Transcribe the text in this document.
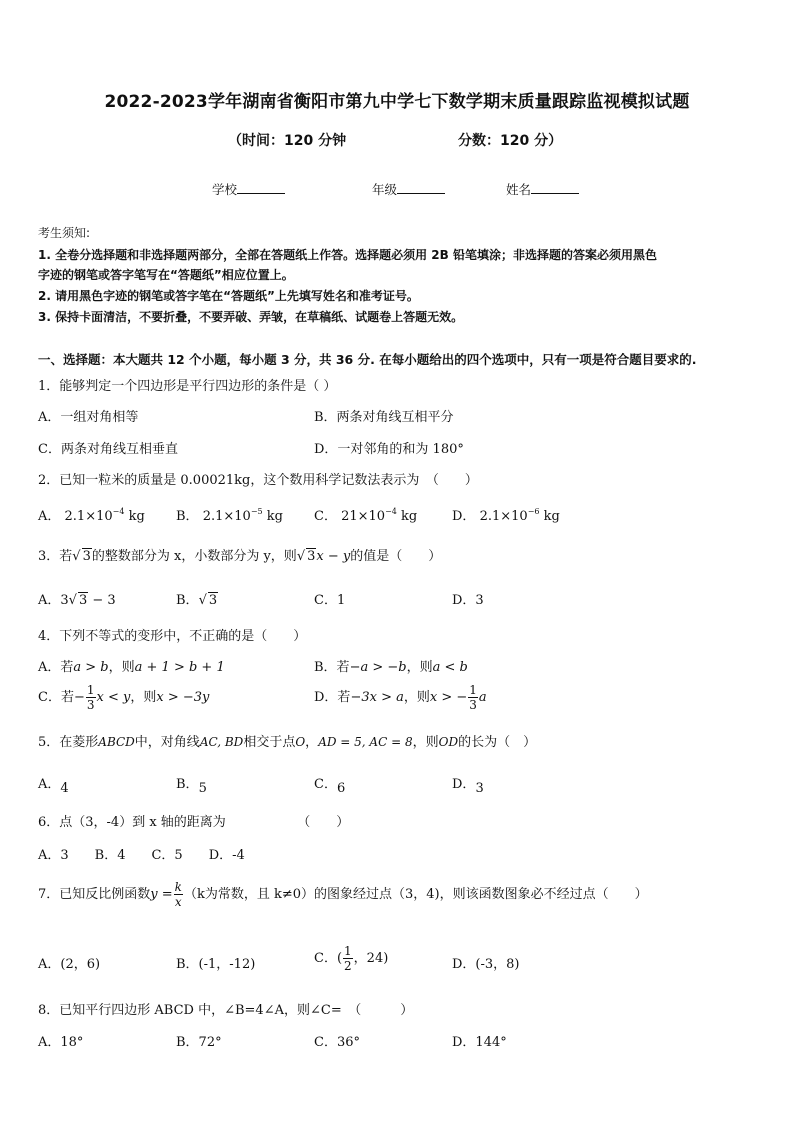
2022-2023学年湖南省衡阳市第九中学七下数学期末质量跟踪监视模拟试题
（时间：120 分钟	分数：120 分）
学校	年级	姓名
考生须知:
1. 全卷分选择题和非选择题两部分，全部在答题纸上作答。选择题必须用 2B 铅笔填涂；非选择题的答案必须用黑色
字迹的钢笔或答字笔写在“答题纸”相应位置上。
2. 请用黑色字迹的钢笔或答字笔在“答题纸”上先填写姓名和准考证号。
3. 保持卡面清洁，不要折叠，不要弄破、弄皱，在草稿纸、试题卷上答题无效。
一、选择题：本大题共 12 个小题，每小题 3 分，共 36 分. 在每小题给出的四个选项中，只有一项是符合题目要求的.
1．能够判定一个四边形是平行四边形的条件是（ ）
A．一组对角相等	B．两条对角线互相平分
C．两条对角线互相垂直	D．一对邻角的和为 180°
2．已知一粒米的质量是 0.00021kg，这个数用科学记数法表示为　（　　）
A． $2.1\times 10^{-4}$ kg B． $2.1\times 10^{-5}$ kg C． $21\times 10^{-4}$ kg	D． $2.1\times 10^{-6}$ kg
3．若√ 3的整数部分为 x，小数部分为 y，则√ 3x − y的值是（　　）
A．3√ 3 − 3	B．√ 3	C．1	D．3
4．下列不等式的变形中，不正确的是（　　）
A．若a > b，则a + 1 > b + 1	B．若−a > −b，则a < b
C．若− $\frac{1}{3}$ x < y，则x > −3y	D．若−3x > a，则x > − $\frac{1}{3}$ a
5．在菱形ABCD中，对角线AC, BD相交于点O，AD = 5, AC = 8，则OD的长为（　）
A．4	B．5	C．6	D．3
6．点（3，-4）到 x 轴的距离为　　　　　　（　　）
A．3　　B．4　　C．5　　D．-4
7．已知反比例函数$y = \frac{k}{x} (k$为常数，且 k≠0）的图象经过点（3，4)，则该函数图象必不经过点（　　）
A．(2，6)	B．(-1，-12)	C．( $\frac{1}{2}$ ，24)	D．(-3，8)
8．已知平行四边形 ABCD 中，∠B=4∠A，则∠C=　（　　　）
A．18°	B．72°	C．36°	D．144°
